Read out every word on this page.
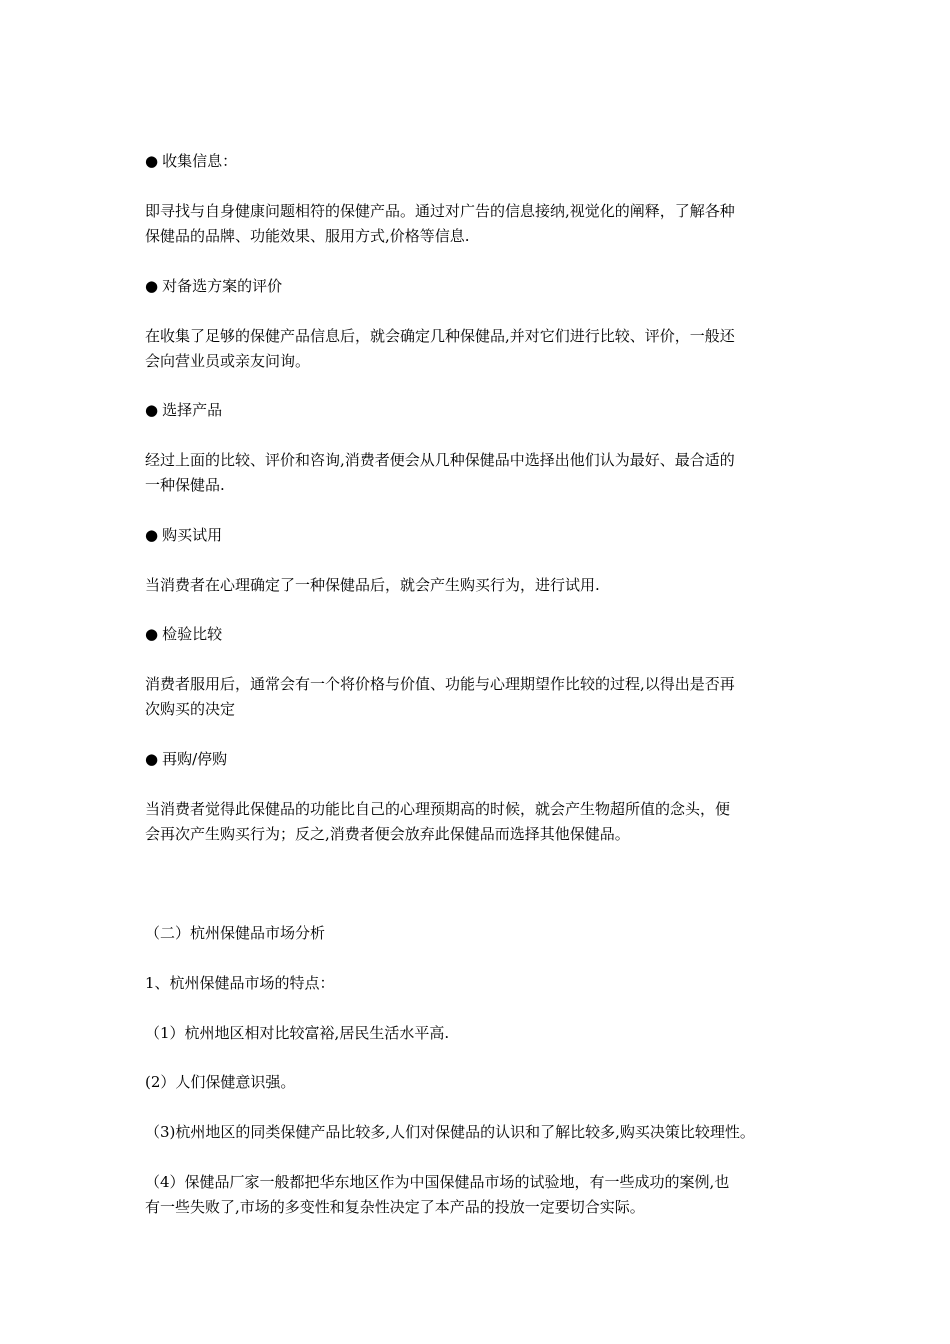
● 收集信息：
即寻找与自身健康问题相符的保健产品。通过对广告的信息接纳,视觉化的阐释，了解各种
保健品的品牌、功能效果、服用方式,价格等信息.
● 对备选方案的评价
在收集了足够的保健产品信息后，就会确定几种保健品,并对它们进行比较、评价，一般还
会向营业员或亲友问询。
● 选择产品
经过上面的比较、评价和咨询,消费者便会从几种保健品中选择出他们认为最好、最合适的
一种保健品.
● 购买试用
当消费者在心理确定了一种保健品后，就会产生购买行为，进行试用.
● 检验比较
消费者服用后，通常会有一个将价格与价值、功能与心理期望作比较的过程,以得出是否再
次购买的决定
● 再购/停购
当消费者觉得此保健品的功能比自己的心理预期高的时候，就会产生物超所值的念头，便
会再次产生购买行为；反之,消费者便会放弃此保健品而选择其他保健品。
（二）杭州保健品市场分析
1、杭州保健品市场的特点：
（1）杭州地区相对比较富裕,居民生活水平高.
(2）人们保健意识强。
（3)杭州地区的同类保健产品比较多,人们对保健品的认识和了解比较多,购买决策比较理性。
（4）保健品厂家一般都把华东地区作为中国保健品市场的试验地，有一些成功的案例,也
有一些失败了,市场的多变性和复杂性决定了本产品的投放一定要切合实际。
